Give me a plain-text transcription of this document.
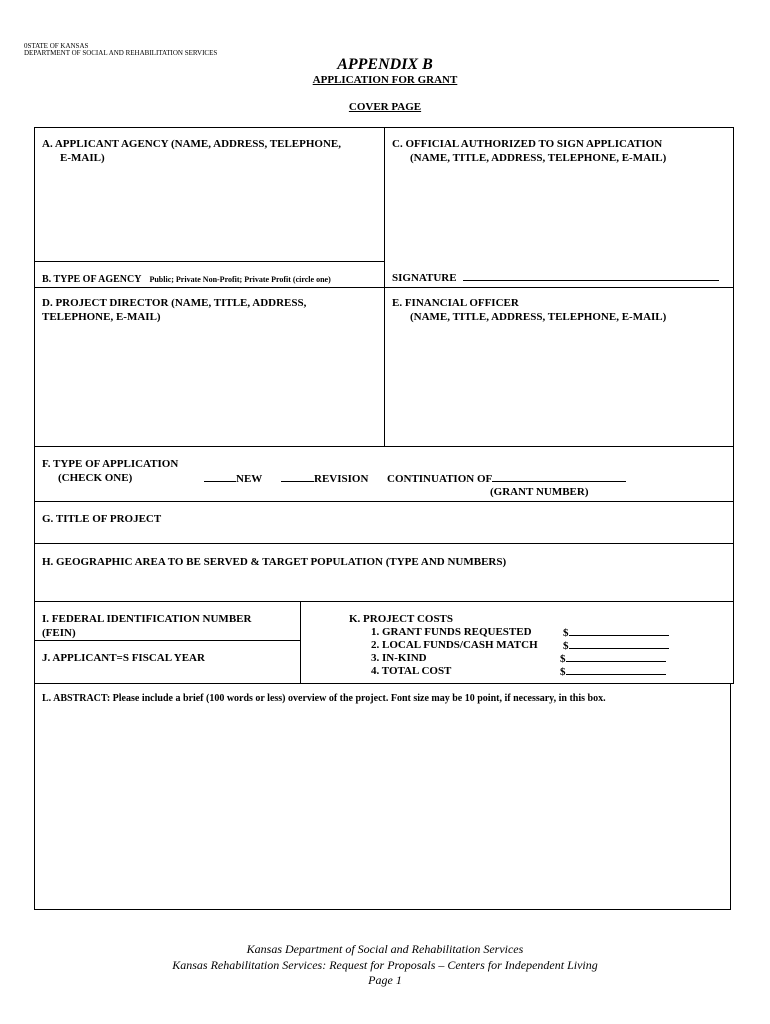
0STATE OF KANSAS
DEPARTMENT OF SOCIAL AND REHABILITATION SERVICES
APPENDIX B
APPLICATION FOR GRANT
COVER PAGE
A. APPLICANT AGENCY (NAME, ADDRESS, TELEPHONE,
E-MAIL)
C. OFFICIAL AUTHORIZED TO SIGN APPLICATION
(NAME, TITLE, ADDRESS, TELEPHONE, E-MAIL)
B. TYPE OF AGENCY Public; Private Non-Profit; Private Profit (circle one)	SIGNATURE
D. PROJECT DIRECTOR (NAME, TITLE, ADDRESS,
TELEPHONE, E-MAIL)
E. FINANCIAL OFFICER
(NAME, TITLE, ADDRESS, TELEPHONE, E-MAIL)
F. TYPE OF APPLICATION
(CHECK ONE)	NEW	REVISION CONTINUATION OF
(GRANT NUMBER)
G. TITLE OF PROJECT
H. GEOGRAPHIC AREA TO BE SERVED & TARGET POPULATION (TYPE AND NUMBERS)
I. FEDERAL IDENTIFICATION NUMBER
(FEIN)
J. APPLICANT=S FISCAL YEAR
K. PROJECT COSTS
1. GRANT FUNDS REQUESTED	$
2. LOCAL FUNDS/CASH MATCH $
3. IN-KIND	$
4. TOTAL COST	$
L. ABSTRACT: Please include a brief (100 words or less) overview of the project. Font size may be 10 point, if necessary, in this box.
Kansas Department of Social and Rehabilitation Services
Kansas Rehabilitation Services: Request for Proposals – Centers for Independent Living
Page 1
